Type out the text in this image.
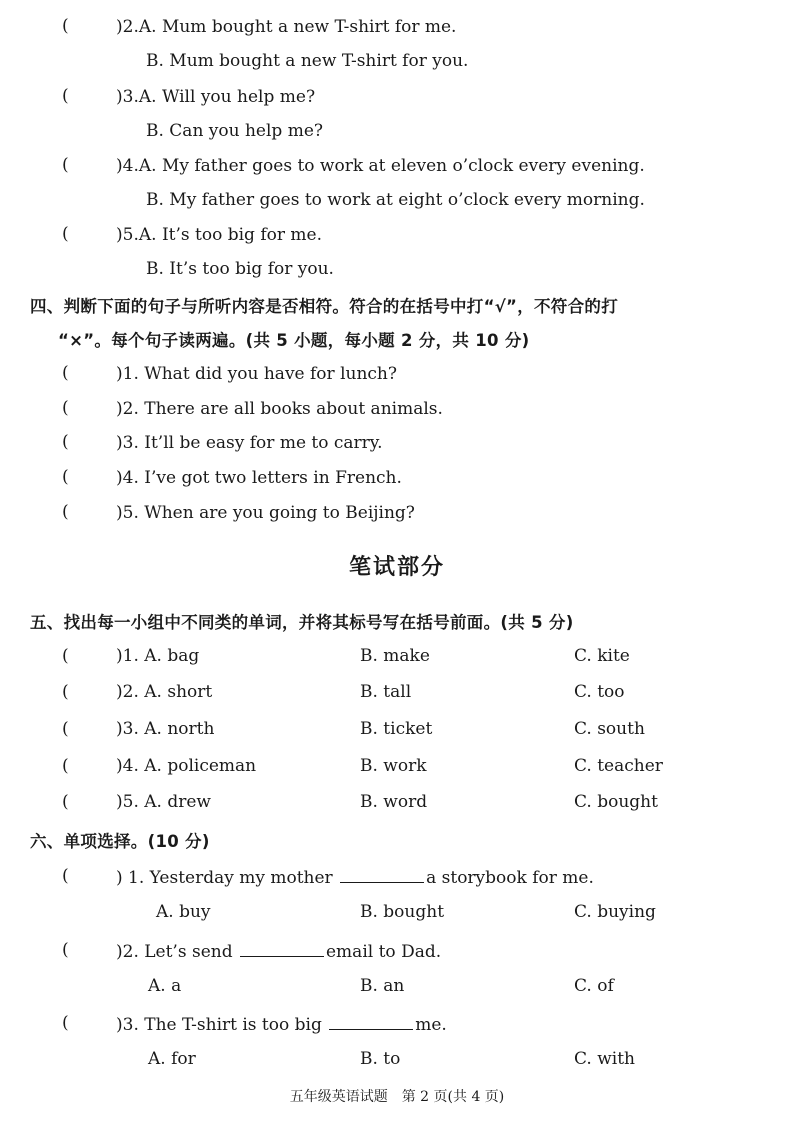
(	)2.A. Mum bought a new T-shirt for me.
B. Mum bought a new T-shirt for you.
(	)3.A. Will you help me?
B. Can you help me?
(	)4.A. My father goes to work at eleven o’clock every evening.
B. My father goes to work at eight o’clock every morning.
(	)5.A. It’s too big for me.
B. It’s too big for you.
四、判断下面的句子与所听内容是否相符。符合的在括号中打“√”，不符合的打
“×”。每个句子读两遍。(共 5 小题，每小题 2 分，共 10 分)
(	)1. What did you have for lunch?
(	)2. There are all books about animals.
(	)3. It’ll be easy for me to carry.
(	)4. I’ve got two letters in French.
(	)5. When are you going to Beijing?
笔试部分
五、找出每一小组中不同类的单词，并将其标号写在括号前面。(共 5 分)
(	)1. A. bag	B. make	C. kite
(	)2. A. short	B. tall	C. too
(	)3. A. north	B. ticket	C. south
(	)4. A. policeman	B. work	C. teacher
(	)5. A. drew	B. word	C. bought
六、单项选择。(10 分)
(	) 1. Yesterday my mother	a storybook for me.
A. buy	B. bought	C. buying
(	)2. Let’s send	email to Dad.
A. a	B. an	C. of
(	)3. The T-shirt is too big	me.
A. for	B. to	C. with
五年级英语试题　第 2 页(共 4 页)
